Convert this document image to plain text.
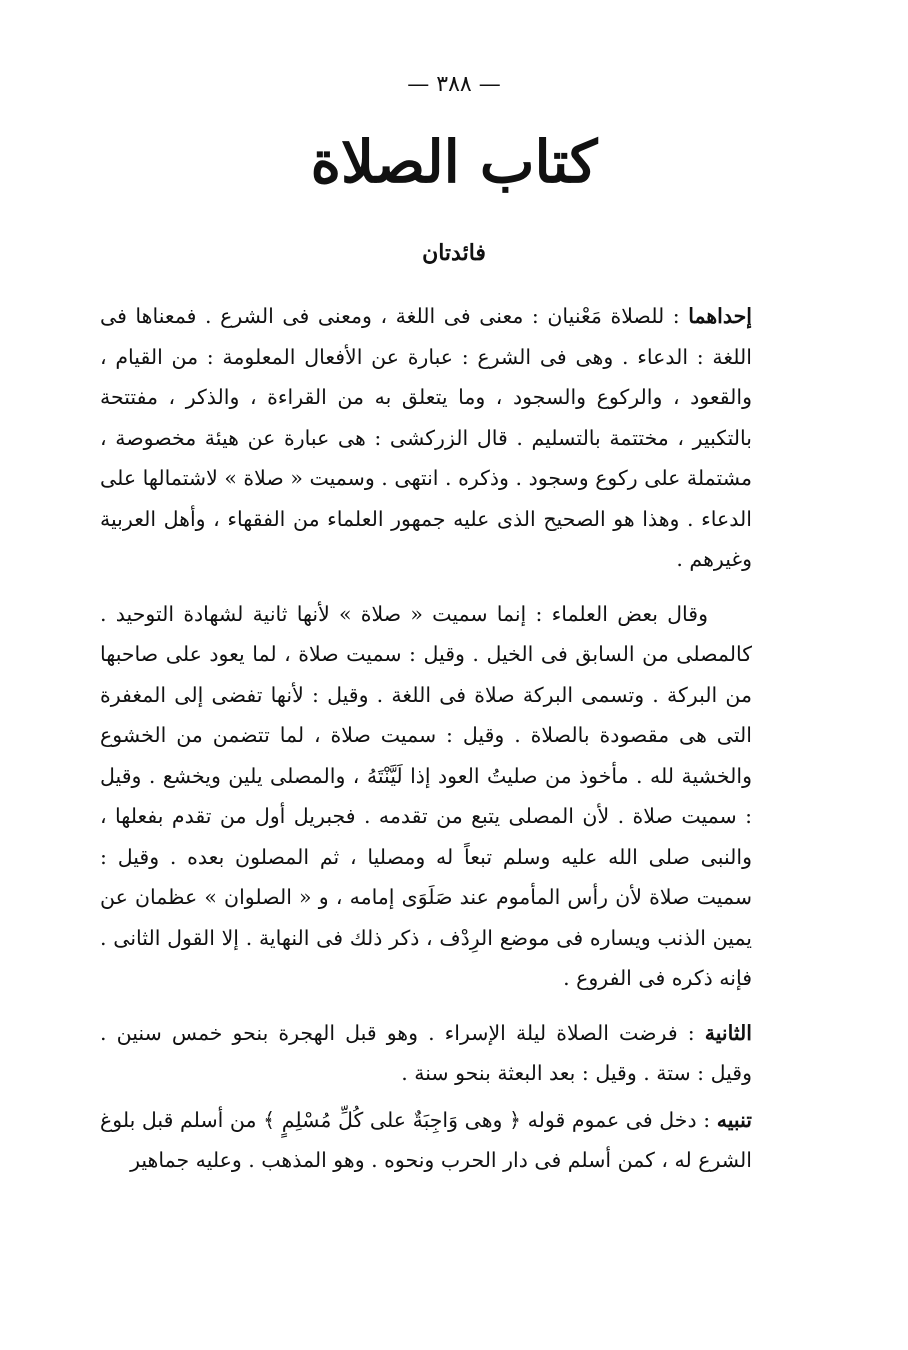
— ٣٨٨ —
كتاب الصلاة
فائدتان

إحداهما : للصلاة مَعْنيان : معنى فى اللغة ، ومعنى فى الشرع . فمعناها فى اللغة : الدعاء . وهى فى الشرع : عبارة عن الأفعال المعلومة : من القيام ، والقعود ، والركوع والسجود ، وما يتعلق به من القراءة ، والذكر ، مفتتحة بالتكبير ، مختتمة بالتسليم . قال الزركشى : هى عبارة عن هيئة مخصوصة ، مشتملة على ركوع وسجود . وذكره . انتهى . وسميت « صلاة » لاشتمالها على الدعاء . وهذا هو الصحيح الذى عليه جمهور العلماء من الفقهاء ، وأهل العربية وغيرهم .

وقال بعض العلماء : إنما سميت « صلاة » لأنها ثانية لشهادة التوحيد . كالمصلى من السابق فى الخيل . وقيل : سميت صلاة ، لما يعود على صاحبها من البركة . وتسمى البركة صلاة فى اللغة . وقيل : لأنها تفضى إلى المغفرة التى هى مقصودة بالصلاة . وقيل : سميت صلاة ، لما تتضمن من الخشوع والخشية لله . مأخوذ من صليتُ العود إذا لَيَّنْتَهُ ، والمصلى يلين ويخشع . وقيل : سميت صلاة . لأن المصلى يتبع من تقدمه . فجبريل أول من تقدم بفعلها ، والنبى صلى الله عليه وسلم تبعاً له ومصليا ، ثم المصلون بعده . وقيل : سميت صلاة لأن رأس المأموم عند صَلَوَى إمامه ، و « الصلوان » عظمان عن يمين الذنب ويساره فى موضع الرِدْف ، ذكر ذلك فى النهاية . إلا القول الثانى . فإنه ذكره فى الفروع .

الثانية : فرضت الصلاة ليلة الإسراء . وهو قبل الهجرة بنحو خمس سنين . وقيل : ستة . وقيل : بعد البعثة بنحو سنة .

تنبيه : دخل فى عموم قوله ﴿ وهى وَاجِبَةٌ على كُلِّ مُسْلِمٍ ﴾ من أسلم قبل بلوغ الشرع له ، كمن أسلم فى دار الحرب ونحوه . وهو المذهب . وعليه جماهير
